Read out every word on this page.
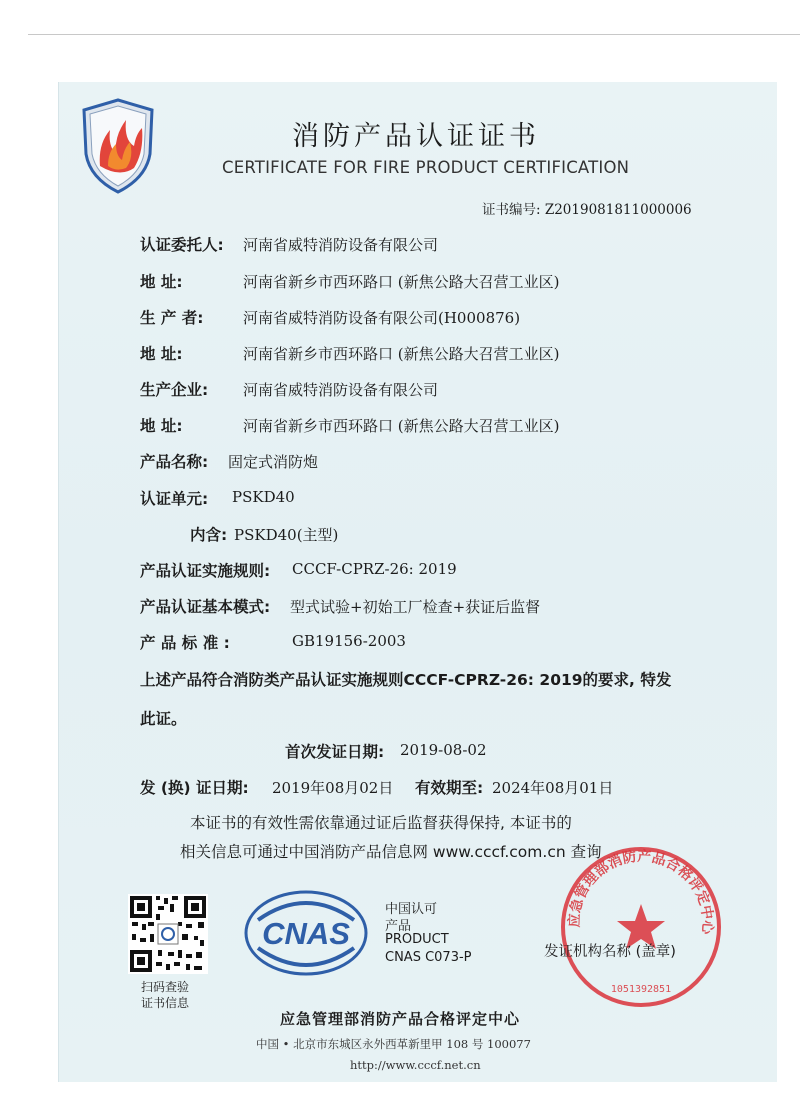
消防产品认证证书
CERTIFICATE FOR FIRE PRODUCT CERTIFICATION
证书编号: Z2019081811000006
认证委托人: 河南省威特消防设备有限公司
地 址:	河南省新乡市西环路口 (新焦公路大召营工业区)
生 产 者:	河南省威特消防设备有限公司(H000876)
地 址:	河南省新乡市西环路口 (新焦公路大召营工业区)
生产企业: 河南省威特消防设备有限公司
地 址:	河南省新乡市西环路口 (新焦公路大召营工业区)
产品名称: 固定式消防炮
认证单元: PSKD40
内含: PSKD40(主型)
产品认证实施规则: CCCF-CPRZ-26: 2019
产品认证基本模式: 型式试验+初始工厂检查+获证后监督
产 品 标 准 :	GB19156-2003
上述产品符合消防类产品认证实施规则CCCF-CPRZ-26: 2019的要求, 特发
此证。
首次发证日期: 2019-08-02
发 (换) 证日期: 2019年08月02日 有效期至: 2024年08月01日
本证书的有效性需依靠通过证后监督获得保持, 本证书的
相关信息可通过中国消防产品信息网 www.cccf.com.cn 查询
扫码查验
证书信息
CNAS
中国认可
产品
PRODUCT
CNAS C073-P
应急管理部消防产品合格评定中心
1051392851
发证机构名称 (盖章)
应急管理部消防产品合格评定中心
中国 • 北京市东城区永外西革新里甲 108 号 100077
http://www.cccf.net.cn
